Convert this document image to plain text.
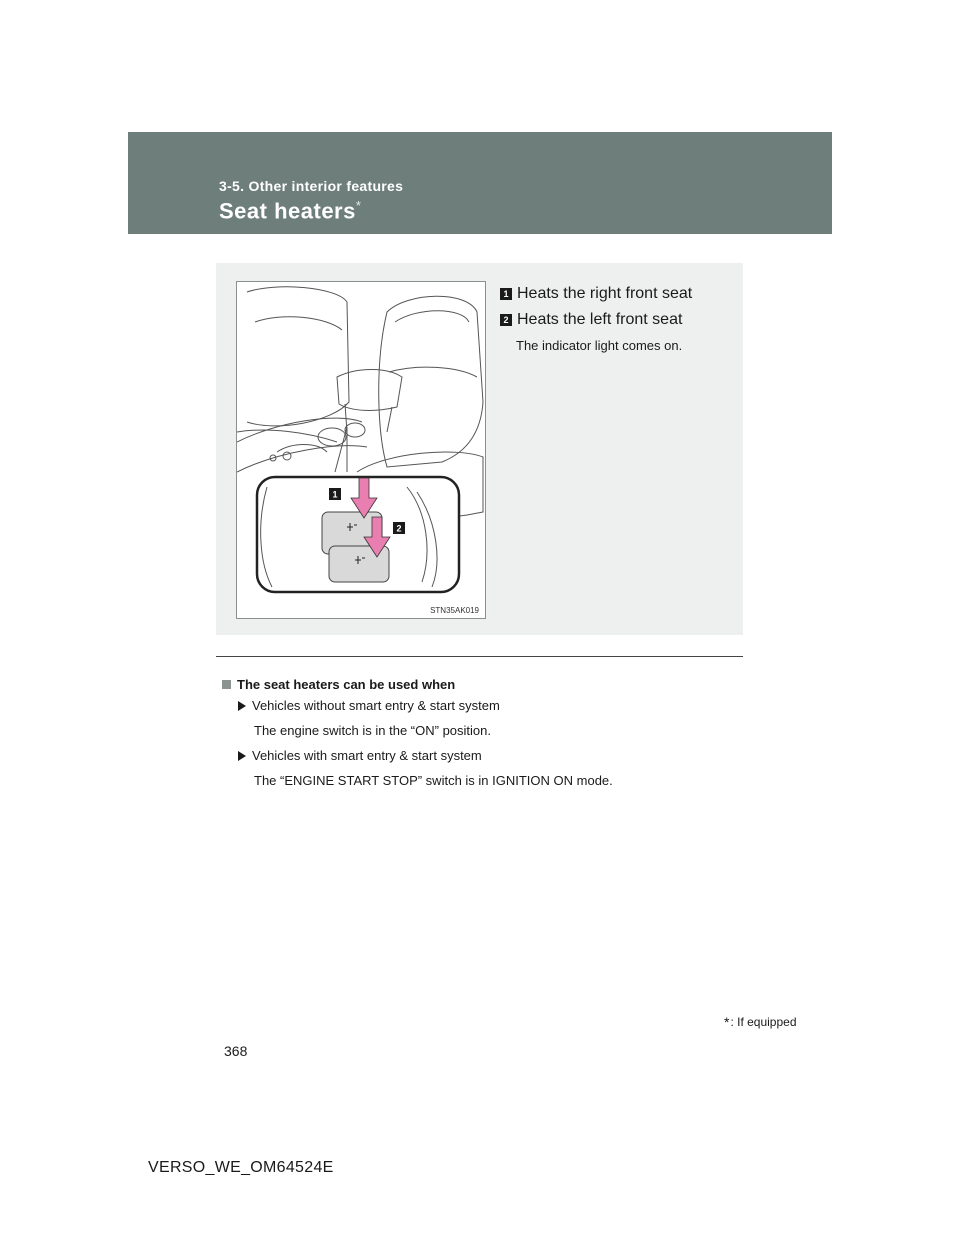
3-5. Other interior features
Seat heaters*
1
2
STN35AK019
1 Heats the right front seat
2 Heats the left front seat
The indicator light comes on.
The seat heaters can be used when
Vehicles without smart entry & start system
The engine switch is in the “ON” position.
Vehicles with smart entry & start system
The “ENGINE START STOP” switch is in IGNITION ON mode.
* : If equipped
368
VERSO_WE_OM64524E
